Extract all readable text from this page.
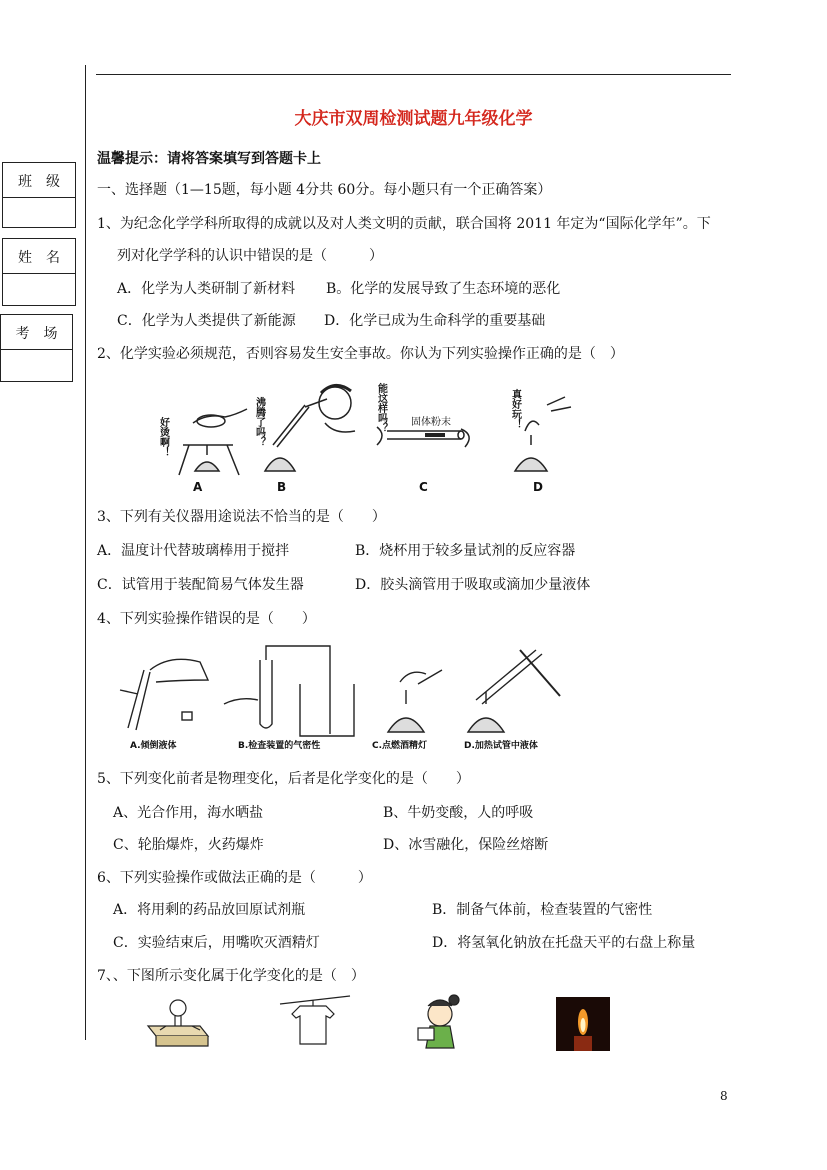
班　级
姓　名
考　场
大庆市双周检测试题九年级化学
温馨提示：请将答案填写到答题卡上
一、选择题（1—15题，每小题 4分共 60分。每小题只有一个正确答案）
1、为纪念化学学科所取得的成就以及对人类文明的贡献，联合国将 2011 年定为“国际化学年”。下
列对化学学科的认识中错误的是（　　　）
A．化学为人类研制了新材料 B。化学的发展导致了生态环境的恶化
C．化学为人类提供了新能源 D．化学已成为生命科学的重要基础
2、化学实验必须规范，否则容易发生安全事故。你认为下列实验操作正确的是（　）
好烫啊！	沸腾了吗？	能这样吗？	真好玩！
固体粉末
A	B	C	D
3、下列有关仪器用途说法不恰当的是（　　）
A．温度计代替玻璃棒用于搅拌	B．烧杯用于较多量试剂的反应容器
C．试管用于装配简易气体发生器	D．胶头滴管用于吸取或滴加少量液体
4、下列实验操作错误的是（　　）
A.倾倒液体	B.检查装置的气密性	C.点燃酒精灯	D.加热试管中液体
5、下列变化前者是物理变化，后者是化学变化的是（　　）
A、光合作用，海水晒盐	B、牛奶变酸，人的呼吸
C、轮胎爆炸，火药爆炸	D、冰雪融化，保险丝熔断
6、下列实验操作或做法正确的是（　　　）
A．将用剩的药品放回原试剂瓶	B．制备气体前，检查装置的气密性
C．实验结束后，用嘴吹灭酒精灯	D．将氢氧化钠放在托盘天平的右盘上称量
7、、下图所示变化属于化学变化的是（　）
8
